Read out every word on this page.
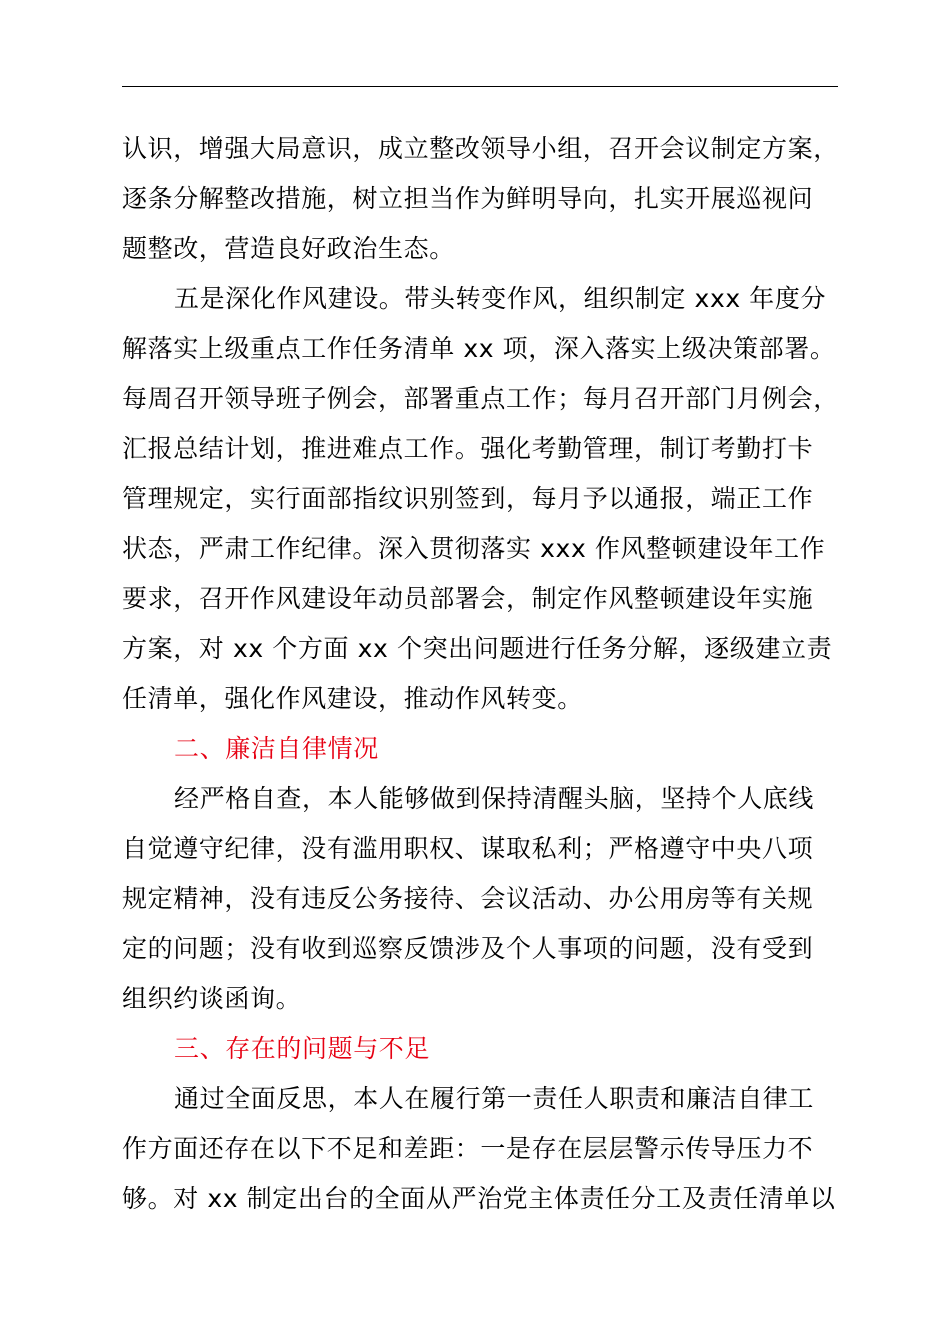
认识，增强大局意识，成立整改领导小组，召开会议制定方案，

逐条分解整改措施，树立担当作为鲜明导向，扎实开展巡视问

题整改，营造良好政治生态。

五是深化作风建设。带头转变作风，组织制定 xxx 年度分

解落实上级重点工作任务清单 xx 项，深入落实上级决策部署。

每周召开领导班子例会，部署重点工作；每月召开部门月例会，

汇报总结计划，推进难点工作。强化考勤管理，制订考勤打卡

管理规定，实行面部指纹识别签到，每月予以通报，端正工作

状态，严肃工作纪律。深入贯彻落实 xxx 作风整顿建设年工作

要求，召开作风建设年动员部署会，制定作风整顿建设年实施

方案，对 xx 个方面 xx 个突出问题进行任务分解，逐级建立责

任清单，强化作风建设，推动作风转变。

二、廉洁自律情况

经严格自查，本人能够做到保持清醒头脑，坚持个人底线

自觉遵守纪律，没有滥用职权、谋取私利；严格遵守中央八项

规定精神，没有违反公务接待、会议活动、办公用房等有关规

定的问题；没有收到巡察反馈涉及个人事项的问题，没有受到

组织约谈函询。

三、存在的问题与不足

通过全面反思，本人在履行第一责任人职责和廉洁自律工

作方面还存在以下不足和差距：一是存在层层警示传导压力不

够。对 xx 制定出台的全面从严治党主体责任分工及责任清单以
